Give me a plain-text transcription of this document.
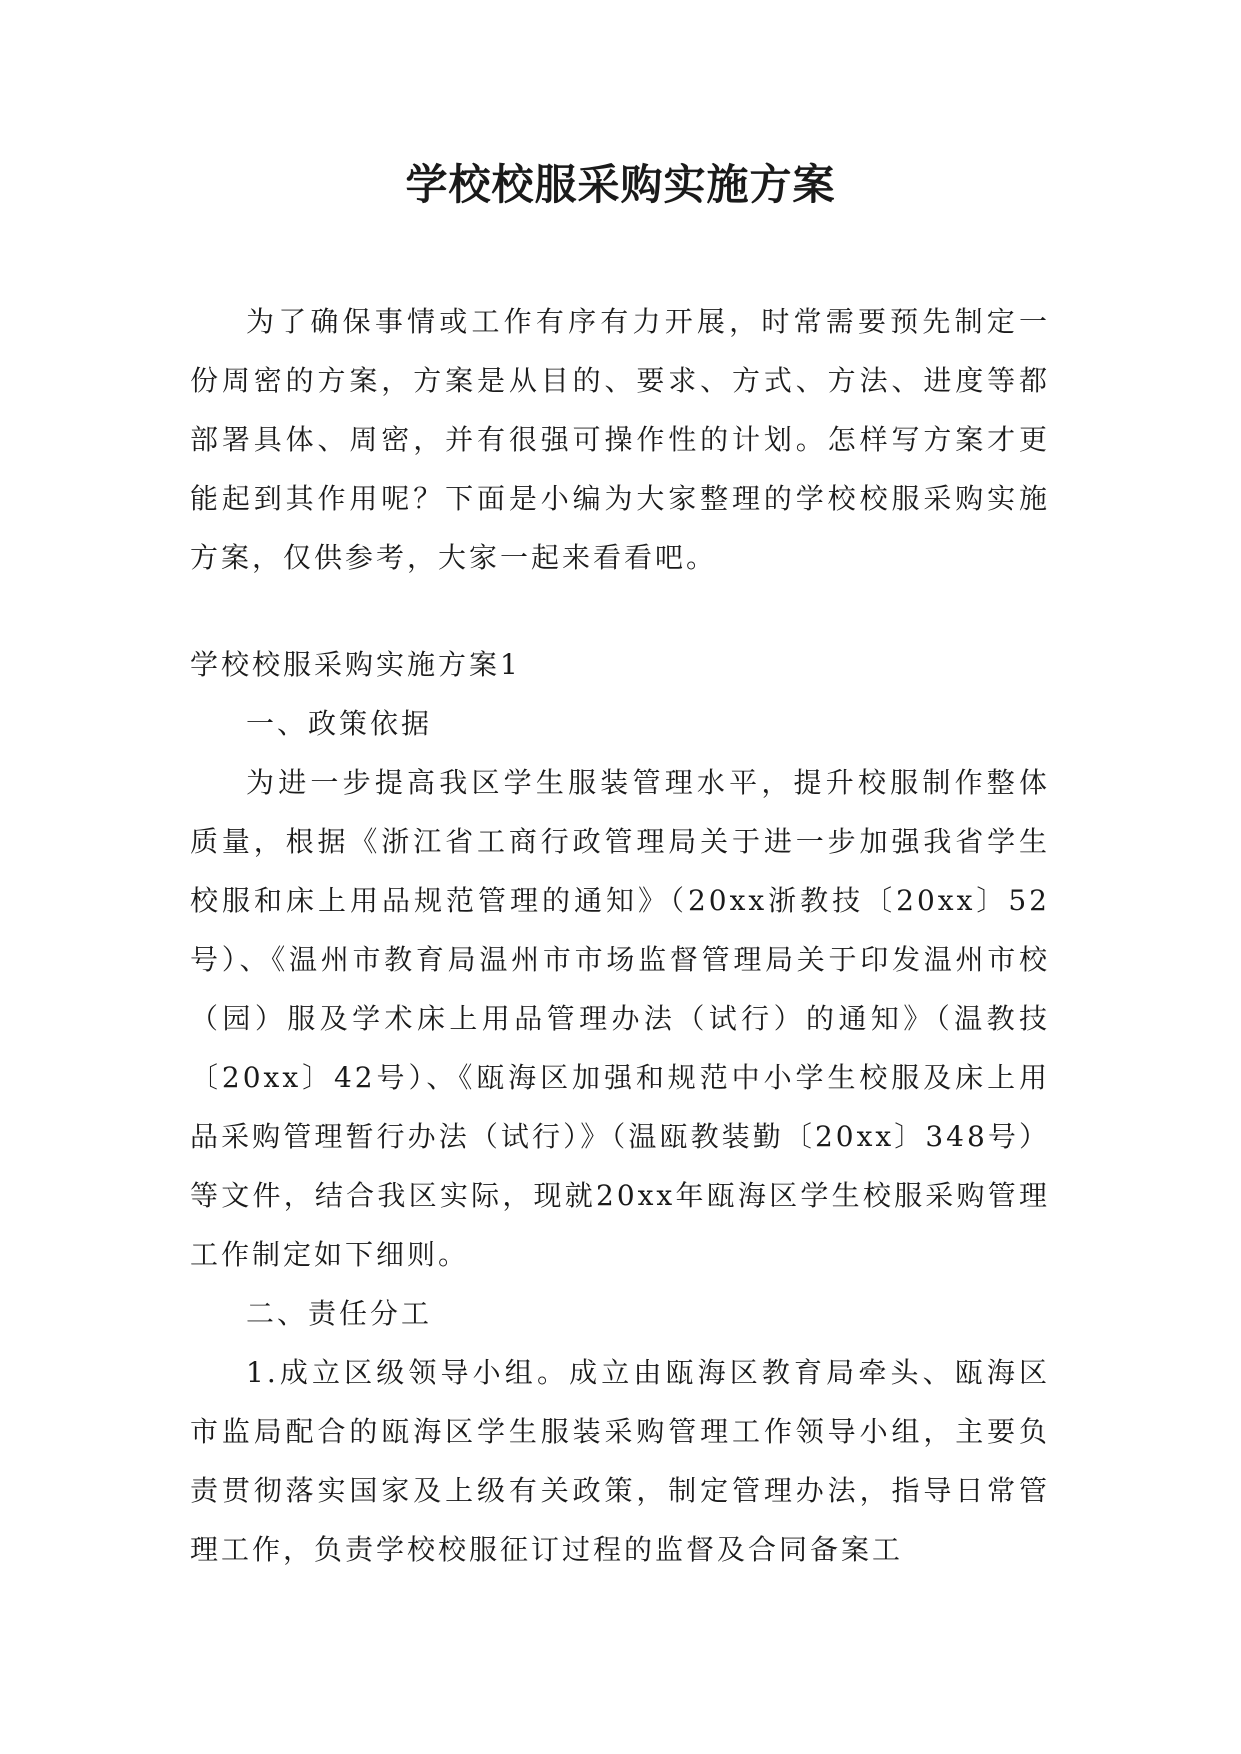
学校校服采购实施方案

为了确保事情或工作有序有力开展，时常需要预先制定一份周密的方案，方案是从目的、要求、方式、方法、进度等都部署具体、周密，并有很强可操作性的计划。怎样写方案才更能起到其作用呢？下面是小编为大家整理的学校校服采购实施方案，仅供参考，大家一起来看看吧。

学校校服采购实施方案1

一、政策依据

为进一步提高我区学生服装管理水平，提升校服制作整体质量，根据《浙江省工商行政管理局关于进一步加强我省学生校服和床上用品规范管理的通知》（20xx浙教技〔20xx〕52号）、《温州市教育局温州市市场监督管理局关于印发温州市校（园）服及学术床上用品管理办法（试行）的通知》（温教技〔20xx〕42号）、《瓯海区加强和规范中小学生校服及床上用品采购管理暂行办法（试行）》（温瓯教装勤〔20xx〕348号）等文件，结合我区实际，现就20xx年瓯海区学生校服采购管理工作制定如下细则。

二、责任分工

1.成立区级领导小组。成立由瓯海区教育局牵头、瓯海区市监局配合的瓯海区学生服装采购管理工作领导小组，主要负责贯彻落实国家及上级有关政策，制定管理办法，指导日常管理工作，负责学校校服征订过程的监督及合同备案工
